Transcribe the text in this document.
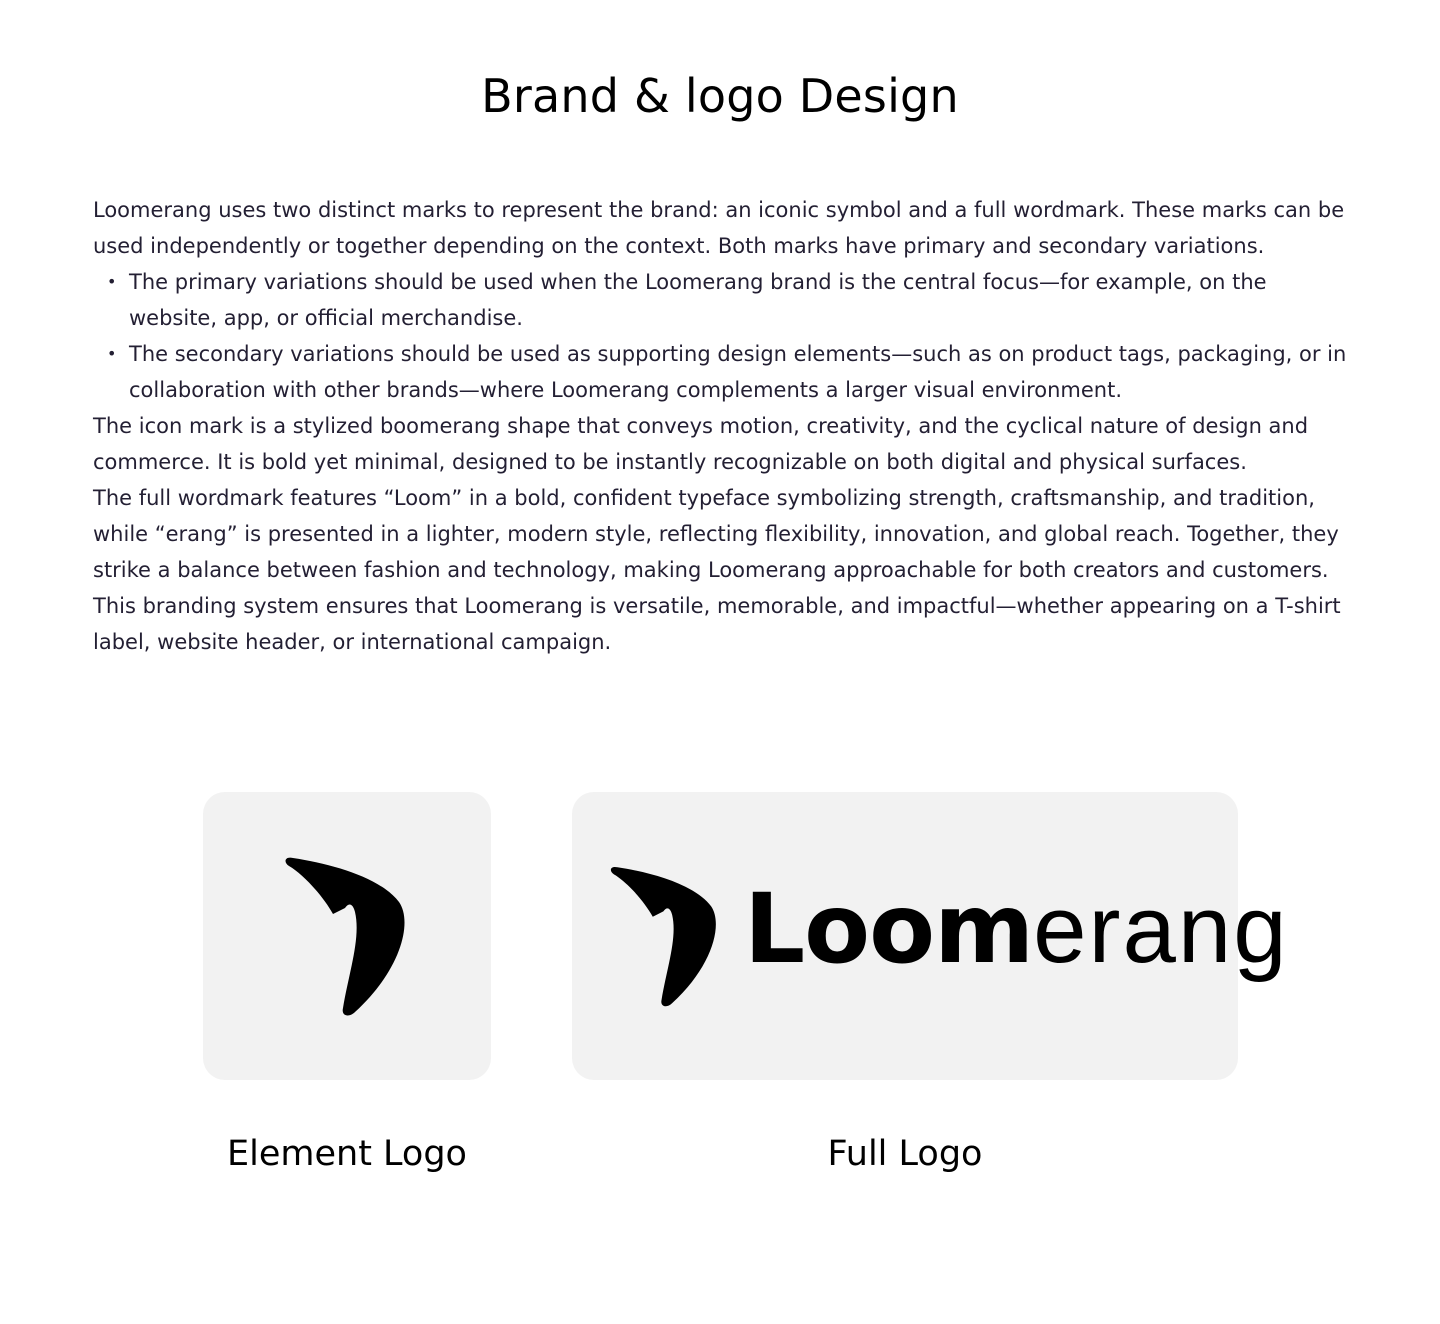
Brand & logo Design

Loomerang uses two distinct marks to represent the brand: an iconic symbol and a full wordmark. These marks can be used independently or together depending on the context. Both marks have primary and secondary variations.

• The primary variations should be used when the Loomerang brand is the central focus—for example, on the website, app, or official merchandise.
• The secondary variations should be used as supporting design elements—such as on product tags, packaging, or in collaboration with other brands—where Loomerang complements a larger visual environment.

The icon mark is a stylized boomerang shape that conveys motion, creativity, and the cyclical nature of design and commerce. It is bold yet minimal, designed to be instantly recognizable on both digital and physical surfaces.

The full wordmark features “Loom” in a bold, confident typeface symbolizing strength, craftsmanship, and tradition, while “erang” is presented in a lighter, modern style, reflecting flexibility, innovation, and global reach. Together, they strike a balance between fashion and technology, making Loomerang approachable for both creators and customers.

This branding system ensures that Loomerang is versatile, memorable, and impactful—whether appearing on a T-shirt label, website header, or international campaign.

Loomerang
Element Logo	Full Logo
